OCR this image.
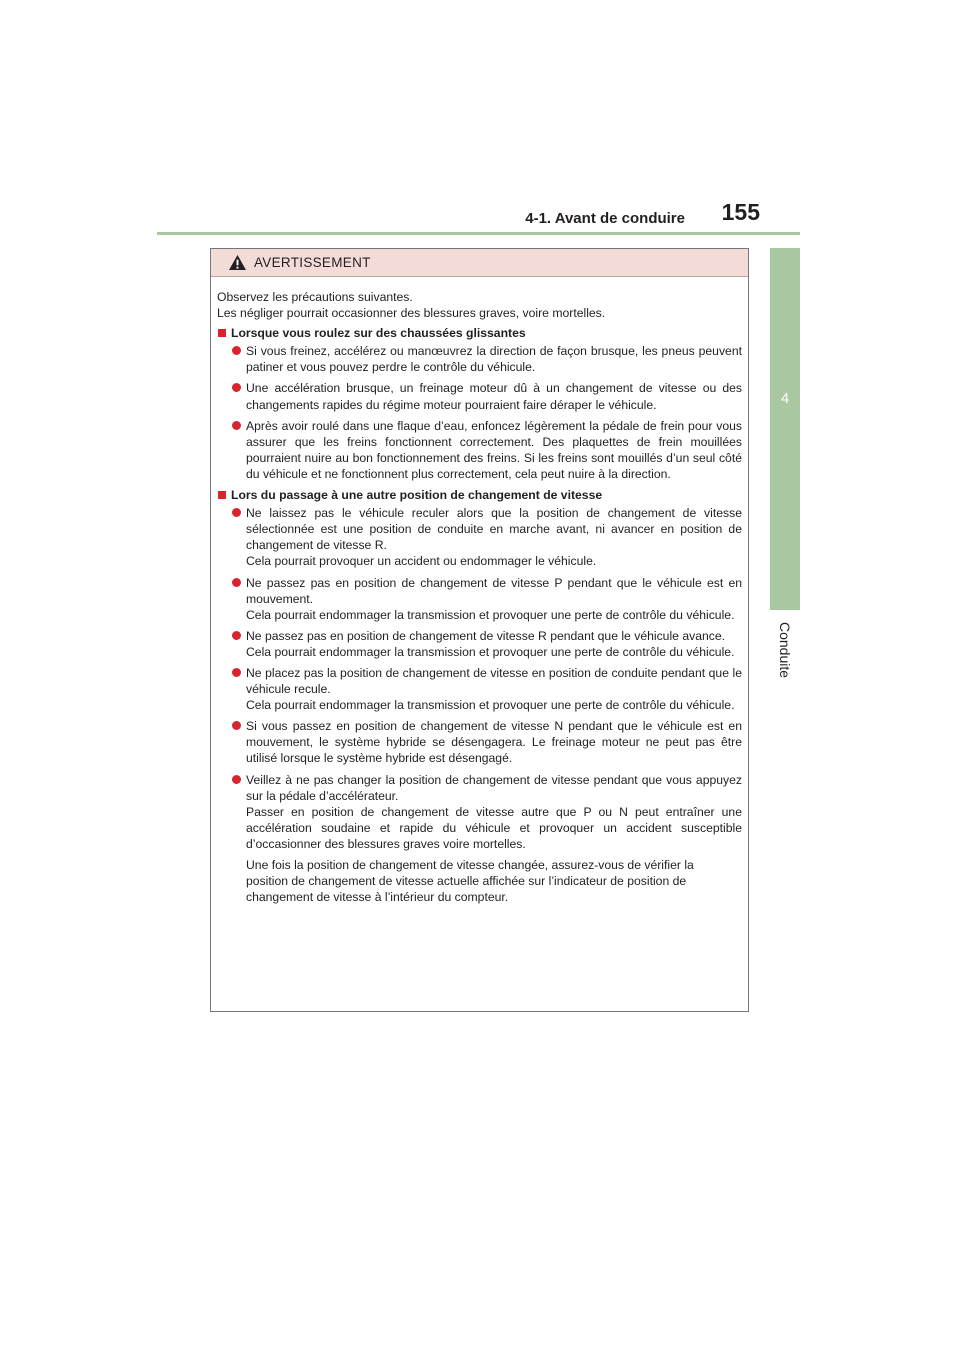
4-1. Avant de conduire 155
4
Conduite
AVERTISSEMENT

Observez les précautions suivantes.

Les négliger pourrait occasionner des blessures graves, voire mortelles.

Lorsque vous roulez sur des chaussées glissantes

Si vous freinez, accélérez ou manœuvrez la direction de façon brusque, les pneus peuvent patiner et vous pouvez perdre le contrôle du véhicule.

Une accélération brusque, un freinage moteur dû à un changement de vitesse ou des changements rapides du régime moteur pourraient faire déraper le véhicule.

Après avoir roulé dans une flaque d’eau, enfoncez légèrement la pédale de frein pour vous assurer que les freins fonctionnent correctement. Des plaquettes de frein mouillées pourraient nuire au bon fonctionnement des freins. Si les freins sont mouillés d’un seul côté du véhicule et ne fonctionnent plus correctement, cela peut nuire à la direction.

Lors du passage à une autre position de changement de vitesse

Ne laissez pas le véhicule reculer alors que la position de changement de vitesse sélectionnée est une position de conduite en marche avant, ni avancer en position de changement de vitesse R.

Cela pourrait provoquer un accident ou endommager le véhicule.

Ne passez pas en position de changement de vitesse P pendant que le véhicule est en mouvement.

Cela pourrait endommager la transmission et provoquer une perte de contrôle du véhicule.

Ne passez pas en position de changement de vitesse R pendant que le véhicule avance.

Cela pourrait endommager la transmission et provoquer une perte de contrôle du véhicule.

Ne placez pas la position de changement de vitesse en position de conduite pendant que le véhicule recule.

Cela pourrait endommager la transmission et provoquer une perte de contrôle du véhicule.

Si vous passez en position de changement de vitesse N pendant que le véhicule est en mouvement, le système hybride se désengagera. Le freinage moteur ne peut pas être utilisé lorsque le système hybride est désengagé.

Veillez à ne pas changer la position de changement de vitesse pendant que vous appuyez sur la pédale d’accélérateur.

Passer en position de changement de vitesse autre que P ou N peut entraîner une accélération soudaine et rapide du véhicule et provoquer un accident susceptible d’occasionner des blessures graves voire mortelles.

Une fois la position de changement de vitesse changée, assurez-vous de vérifier la

position de changement de vitesse actuelle affichée sur l’indicateur de position de

changement de vitesse à l’intérieur du compteur.
